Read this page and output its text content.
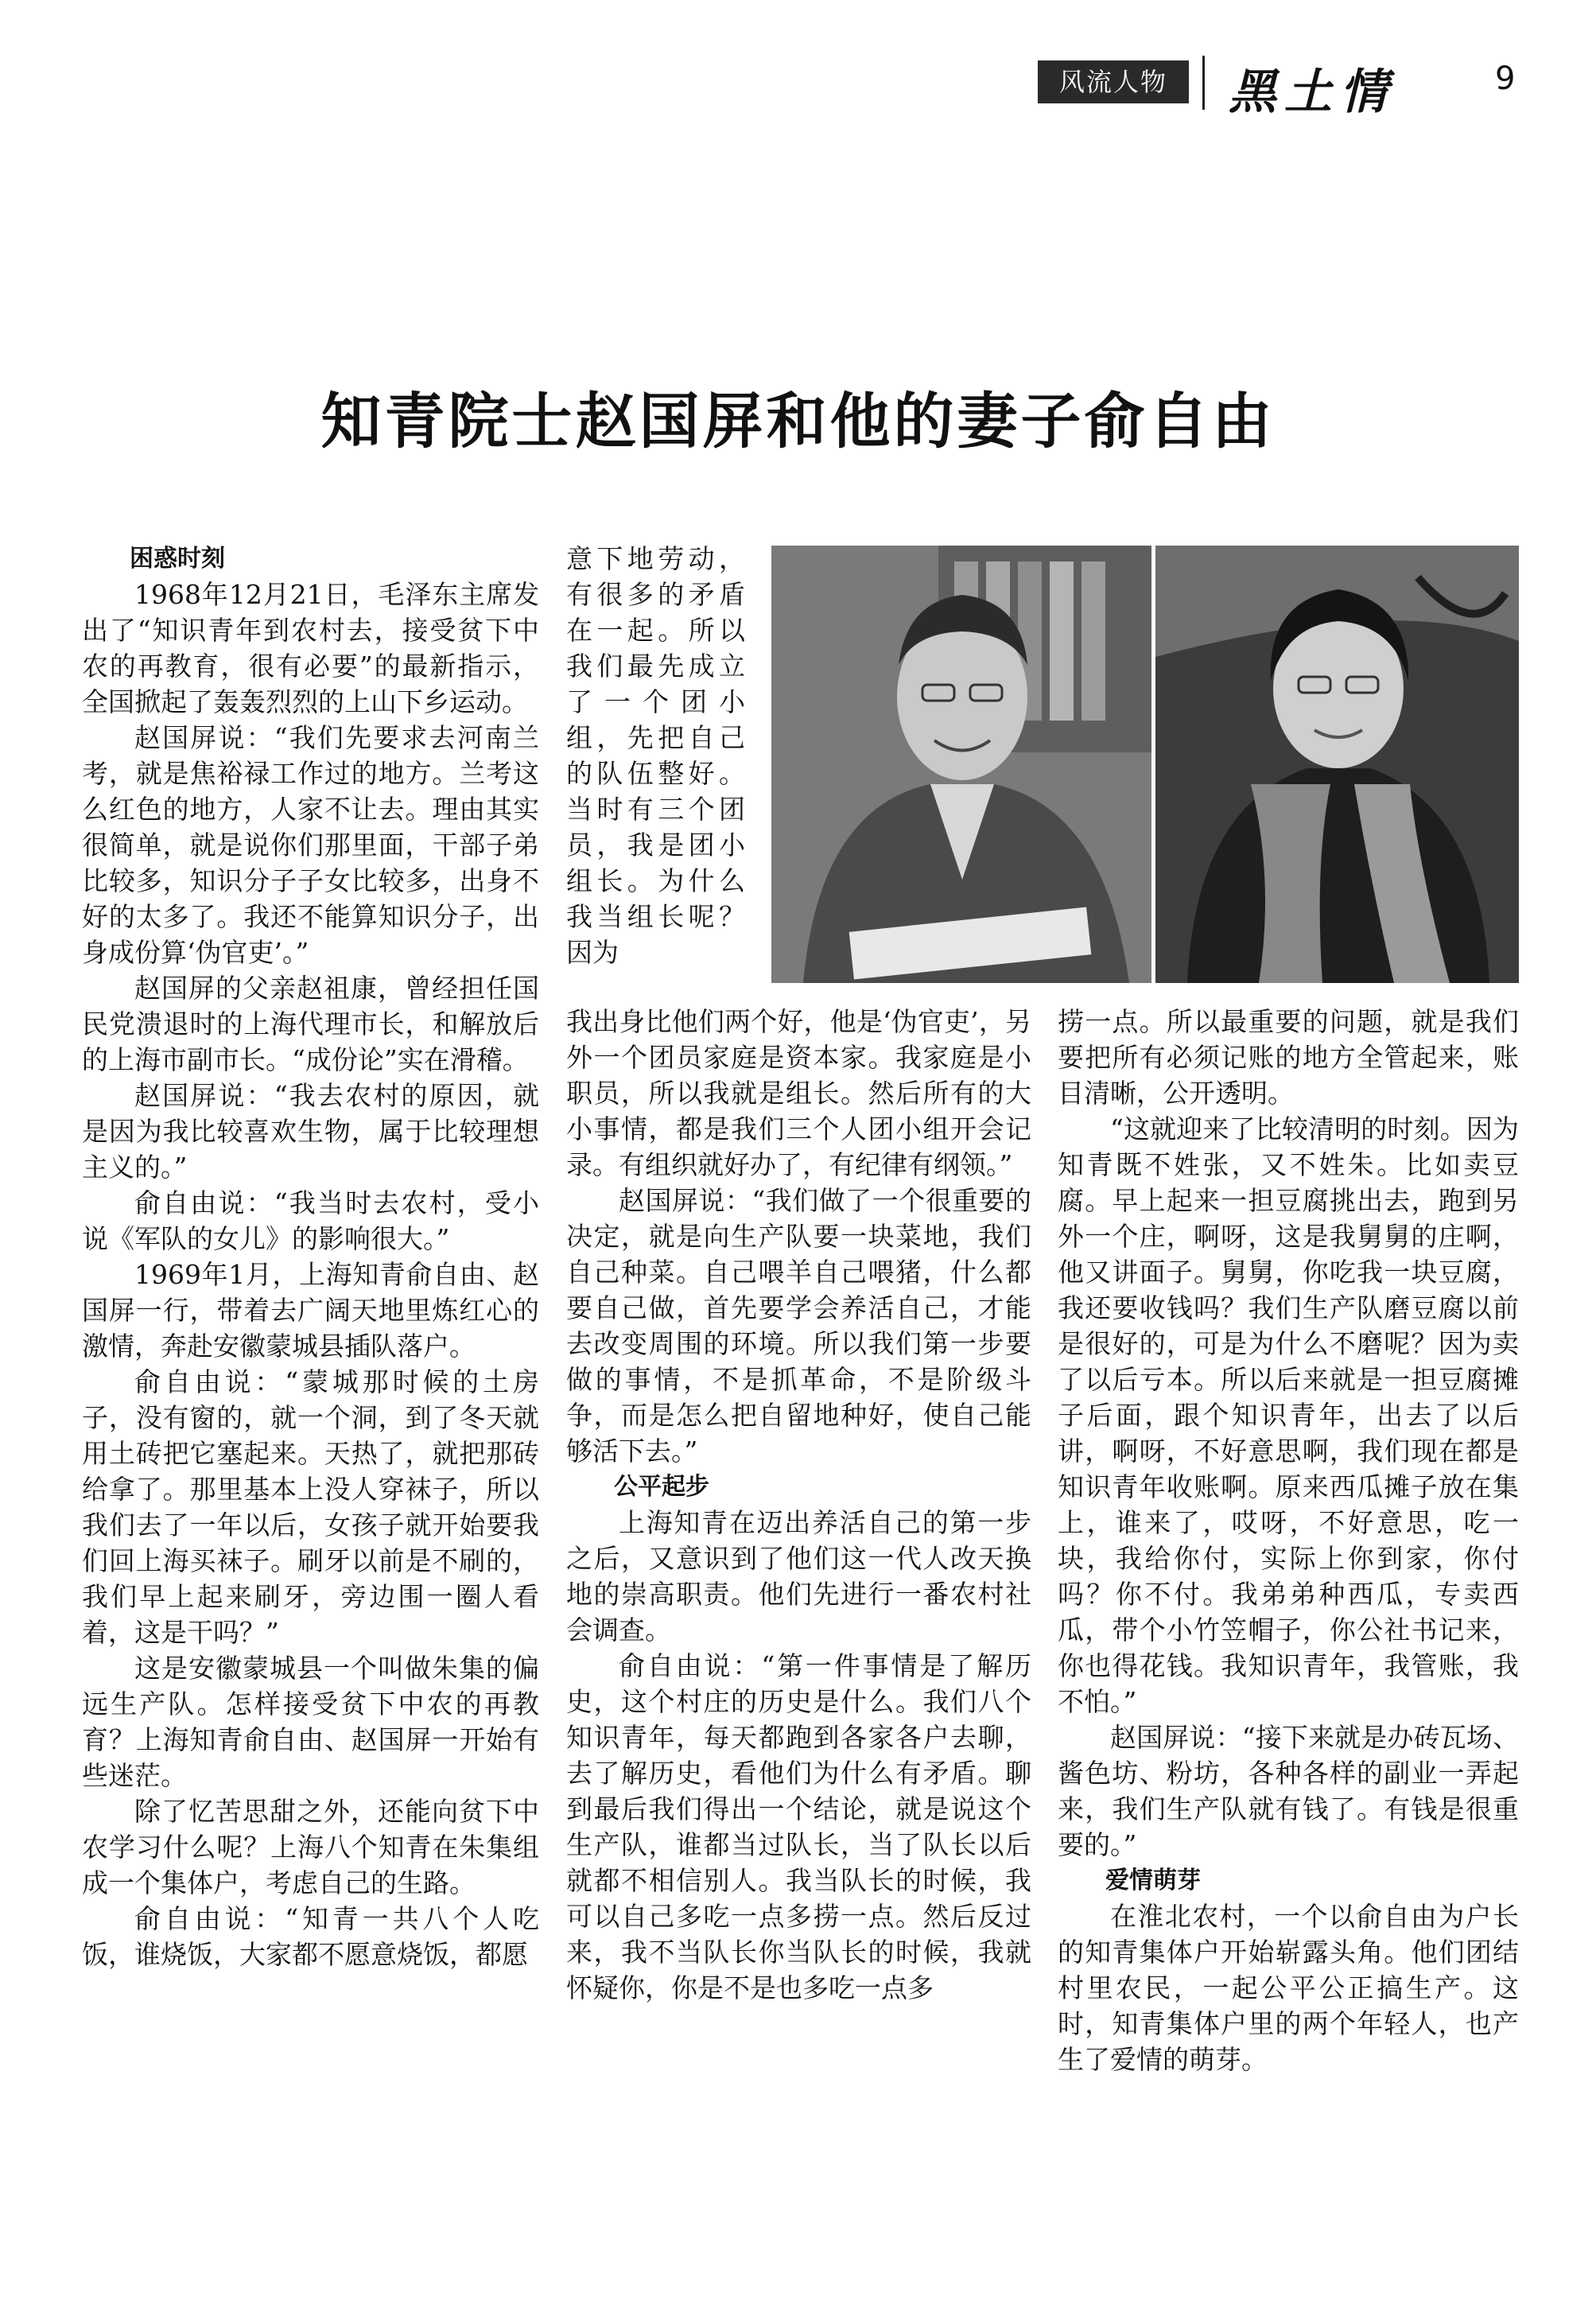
风流人物	黑土情	9
知青院士赵国屏和他的妻子俞自由
困惑时刻

1968年12月21日，毛泽东主席发出了“知识青年到农村去，接受贫下中农的再教育，很有必要”的最新指示，全国掀起了轰轰烈烈的上山下乡运动。

赵国屏说：“我们先要求去河南兰考，就是焦裕禄工作过的地方。兰考这么红色的地方，人家不让去。理由其实很简单，就是说你们那里面，干部子弟比较多，知识分子子女比较多，出身不好的太多了。我还不能算知识分子，出身成份算‘伪官吏’。”

赵国屏的父亲赵祖康，曾经担任国民党溃退时的上海代理市长，和解放后的上海市副市长。“成份论”实在滑稽。

赵国屏说：“我去农村的原因，就是因为我比较喜欢生物，属于比较理想主义的。”

俞自由说：“我当时去农村，受小说《军队的女儿》的影响很大。”

1969年1月，上海知青俞自由、赵国屏一行，带着去广阔天地里炼红心的激情，奔赴安徽蒙城县插队落户。

俞自由说：“蒙城那时候的土房子，没有窗的，就一个洞，到了冬天就用土砖把它塞起来。天热了，就把那砖给拿了。那里基本上没人穿袜子，所以我们去了一年以后，女孩子就开始要我们回上海买袜子。刷牙以前是不刷的，我们早上起来刷牙，旁边围一圈人看着，这是干吗？”

这是安徽蒙城县一个叫做朱集的偏远生产队。怎样接受贫下中农的再教育？上海知青俞自由、赵国屏一开始有些迷茫。

除了忆苦思甜之外，还能向贫下中农学习什么呢？上海八个知青在朱集组成一个集体户，考虑自己的生路。

俞自由说：“知青一共八个人吃饭，谁烧饭，大家都不愿意烧饭，都愿

意下地劳动，有很多的矛盾在一起。所以我们最先成立了一个团小组，先把自己的队伍整好。当时有三个团员，我是团小组长。为什么我当组长呢？因为

我出身比他们两个好，他是‘伪官吏’，另外一个团员家庭是资本家。我家庭是小职员，所以我就是组长。然后所有的大小事情，都是我们三个人团小组开会记录。有组织就好办了，有纪律有纲领。”

赵国屏说：“我们做了一个很重要的决定，就是向生产队要一块菜地，我们自己种菜。自己喂羊自己喂猪，什么都要自己做，首先要学会养活自己，才能去改变周围的环境。所以我们第一步要做的事情，不是抓革命，不是阶级斗争，而是怎么把自留地种好，使自己能够活下去。”

公平起步

上海知青在迈出养活自己的第一步之后，又意识到了他们这一代人改天换地的崇高职责。他们先进行一番农村社会调查。

俞自由说：“第一件事情是了解历史，这个村庄的历史是什么。我们八个知识青年，每天都跑到各家各户去聊，去了解历史，看他们为什么有矛盾。聊到最后我们得出一个结论，就是说这个生产队，谁都当过队长，当了队长以后就都不相信别人。我当队长的时候，我可以自己多吃一点多捞一点。然后反过来，我不当队长你当队长的时候，我就怀疑你，你是不是也多吃一点多

捞一点。所以最重要的问题，就是我们要把所有必须记账的地方全管起来，账目清晰，公开透明。

“这就迎来了比较清明的时刻。因为知青既不姓张，又不姓朱。比如卖豆腐。早上起来一担豆腐挑出去，跑到另外一个庄，啊呀，这是我舅舅的庄啊，他又讲面子。舅舅，你吃我一块豆腐，我还要收钱吗？我们生产队磨豆腐以前是很好的，可是为什么不磨呢？因为卖了以后亏本。所以后来就是一担豆腐摊子后面，跟个知识青年，出去了以后讲，啊呀，不好意思啊，我们现在都是知识青年收账啊。原来西瓜摊子放在集上，谁来了，哎呀，不好意思，吃一块，我给你付，实际上你到家，你付吗？你不付。我弟弟种西瓜，专卖西瓜，带个小竹笠帽子，你公社书记来，你也得花钱。我知识青年，我管账，我不怕。”

赵国屏说：“接下来就是办砖瓦场、酱色坊、粉坊，各种各样的副业一弄起来，我们生产队就有钱了。有钱是很重要的。”

爱情萌芽

在淮北农村，一个以俞自由为户长的知青集体户开始崭露头角。他们团结村里农民，一起公平公正搞生产。这时，知青集体户里的两个年轻人，也产生了爱情的萌芽。
